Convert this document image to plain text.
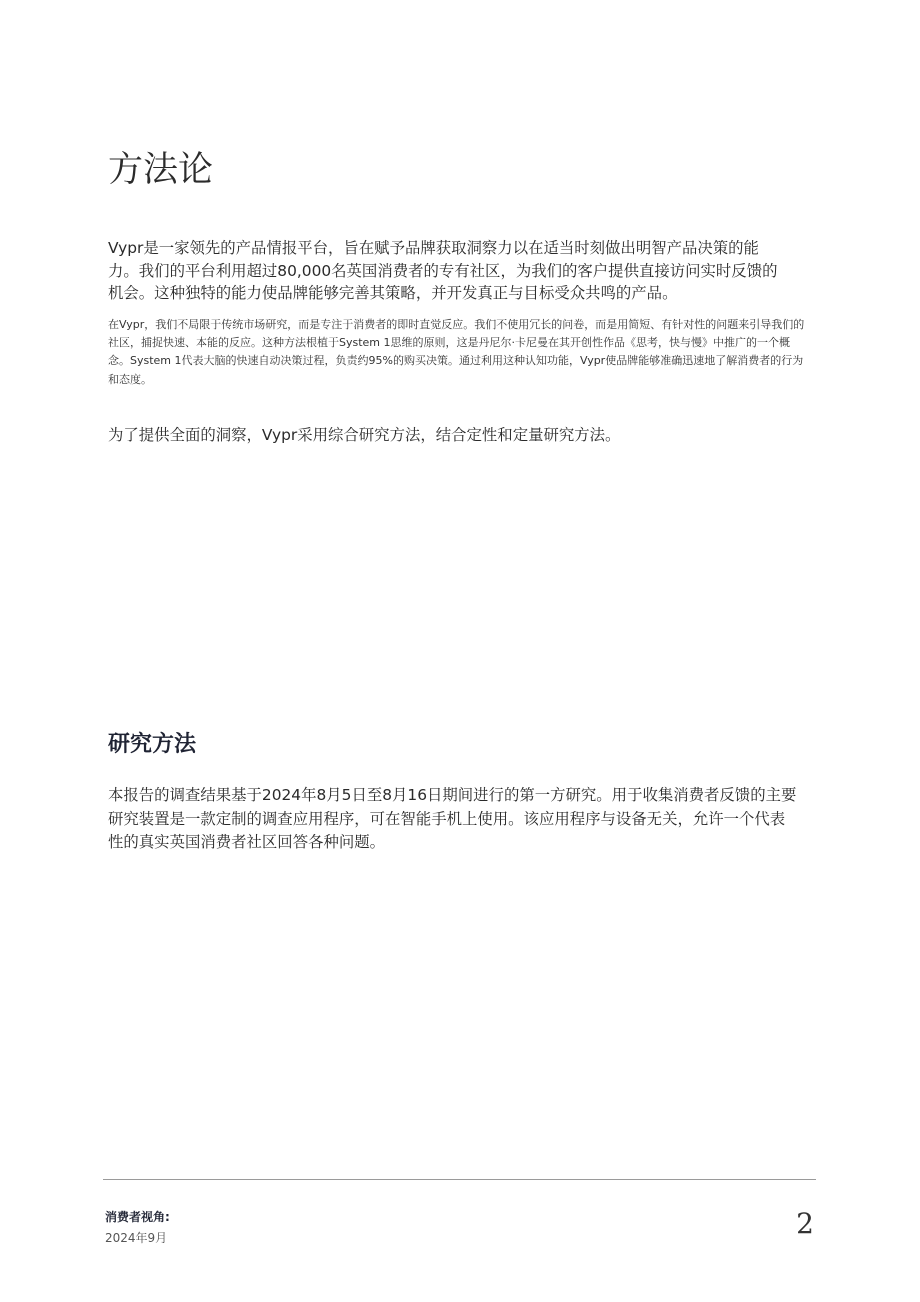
方法论

Vypr是一家领先的产品情报平台，旨在赋予品牌获取洞察力以在适当时刻做出明智产品决策的能力。我们的平台利用超过80,000名英国消费者的专有社区，为我们的客户提供直接访问实时反馈的机会。这种独特的能力使品牌能够完善其策略，并开发真正与目标受众共鸣的产品。

在Vypr，我们不局限于传统市场研究，而是专注于消费者的即时直觉反应。我们不使用冗长的问卷，而是用简短、有针对性的问题来引导我们的社区，捕捉快速、本能的反应。这种方法根植于System 1思维的原则，这是丹尼尔·卡尼曼在其开创性作品《思考，快与慢》中推广的一个概念。System 1代表大脑的快速自动决策过程，负责约95%的购买决策。通过利用这种认知功能，Vypr使品牌能够准确迅速地了解消费者的行为和态度。

为了提供全面的洞察，Vypr采用综合研究方法，结合定性和定量研究方法。

研究方法

本报告的调查结果基于2024年8月5日至8月16日期间进行的第一方研究。用于收集消费者反馈的主要研究装置是一款定制的调查应用程序，可在智能手机上使用。该应用程序与设备无关，允许一个代表性的真实英国消费者社区回答各种问题。

消费者视角:
2024年9月	2
